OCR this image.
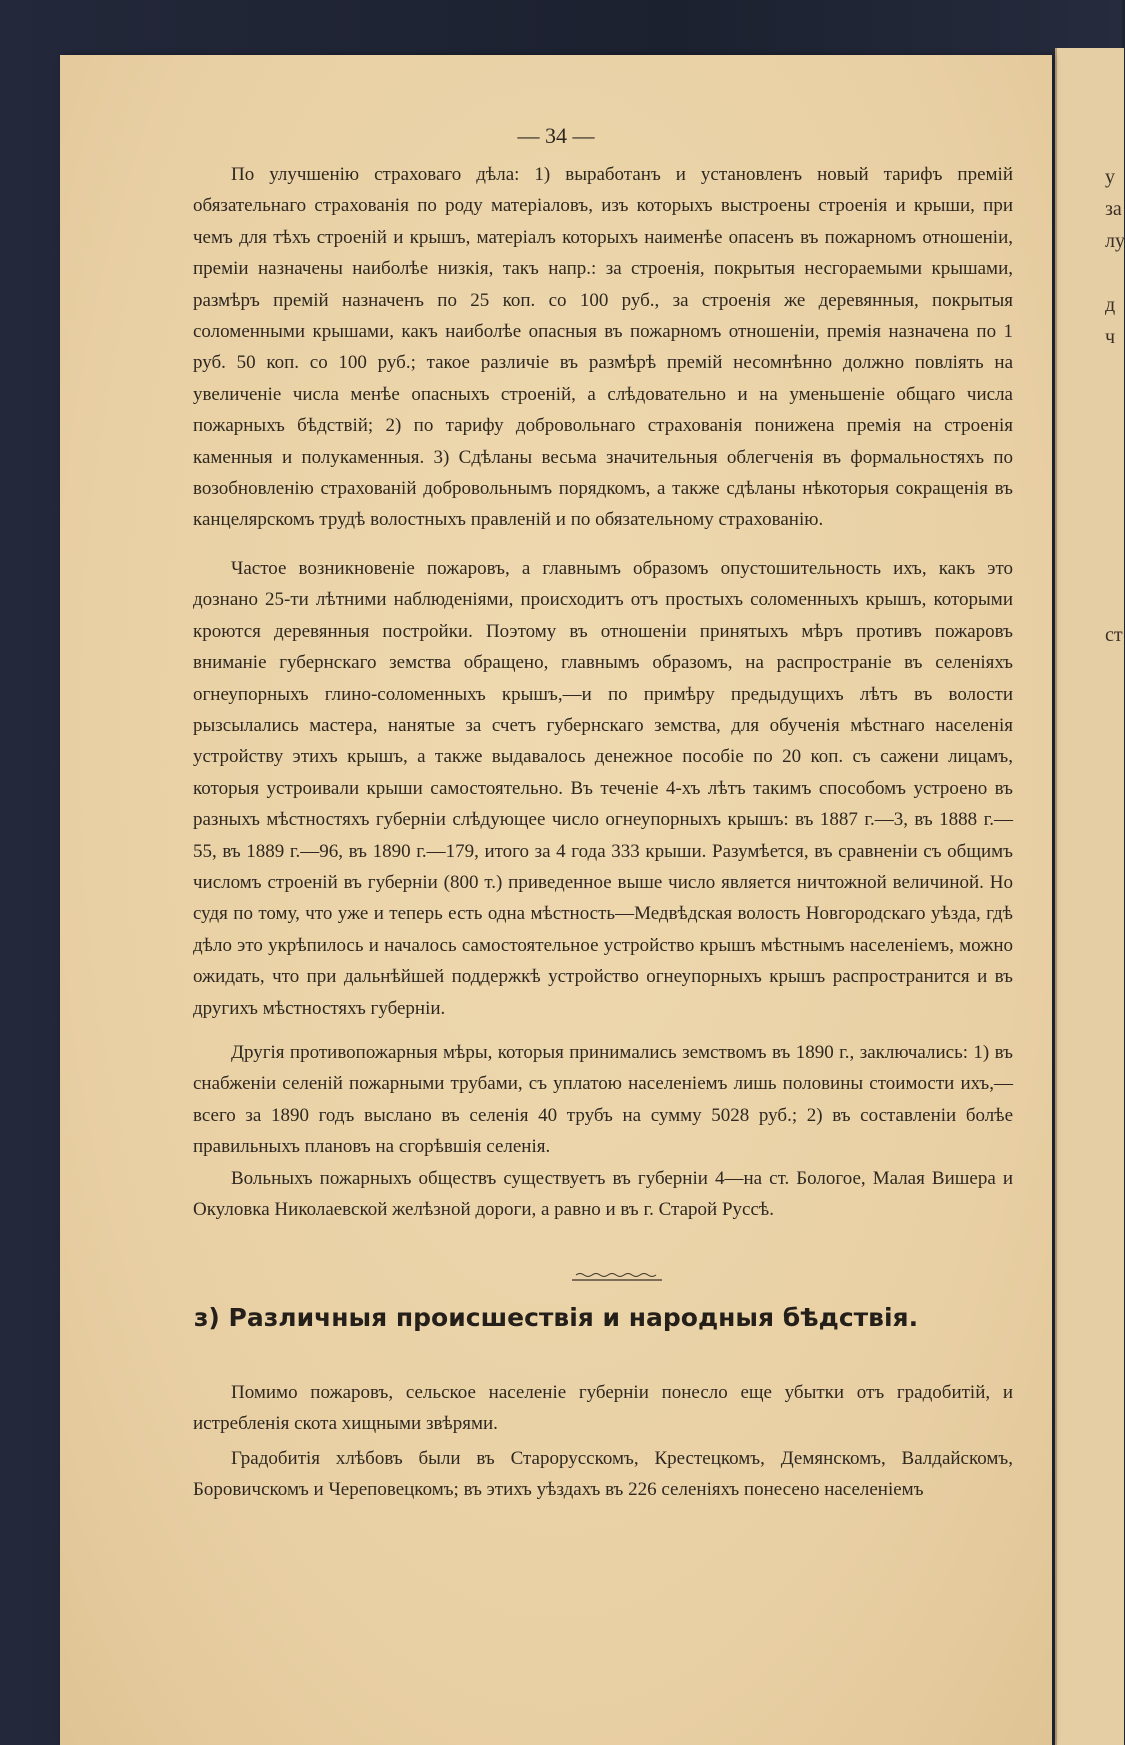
у
за
лу
д
ч
ст
— 34 —

По улучшенію страховаго дѣла: 1) выработанъ и установленъ новый тарифъ премій обязательнаго страхованія по роду матеріаловъ, изъ которыхъ выстроены строенія и крыши, при чемъ для тѣхъ строеній и крышъ, матеріалъ которыхъ наименѣе опасенъ въ пожарномъ отношеніи, преміи назначены наиболѣе низкія, такъ напр.: за строенія, покрытыя несгораемыми крышами, размѣръ премій назначенъ по 25 коп. со 100 руб., за строенія же деревянныя, покрытыя соломенными крышами, какъ наиболѣе опасныя въ пожарномъ отношеніи, премія назначена по 1 руб. 50 коп. со 100 руб.; такое различіе въ размѣрѣ премій несомнѣнно должно повліять на увеличеніе числа менѣе опасныхъ строеній, а слѣдовательно и на уменьшеніе общаго числа пожарныхъ бѣдствій; 2) по тарифу добровольнаго страхованія понижена премія на строенія каменныя и полукаменныя. 3) Сдѣланы весьма значительныя облегченія въ формальностяхъ по возобновленію страхованій добровольнымъ порядкомъ, а также сдѣланы нѣкоторыя сокращенія въ канцелярскомъ трудѣ волостныхъ правленій и по обязательному страхованію.

Частое возникновеніе пожаровъ, а главнымъ образомъ опустошительность ихъ, какъ это дознано 25-ти лѣтними наблюденіями, происходитъ отъ простыхъ соломенныхъ крышъ, которыми кроются деревянныя постройки. Поэтому въ отношеніи принятыхъ мѣръ противъ пожаровъ вниманіе губернскаго земства обращено, главнымъ образомъ, на распространіе въ селеніяхъ огнеупорныхъ глино-соломенныхъ крышъ,—и по примѣру предыдущихъ лѣтъ въ волости рызсылались мастера, нанятые за счетъ губернскаго земства, для обученія мѣстнаго населенія устройству этихъ крышъ, а также выдавалось денежное пособіе по 20 коп. съ сажени лицамъ, которыя устроивали крыши самостоятельно. Въ теченіе 4-хъ лѣтъ такимъ способомъ устроено въ разныхъ мѣстностяхъ губерніи слѣдующее число огнеупорныхъ крышъ: въ 1887 г.—3, въ 1888 г.—55, въ 1889 г.—96, въ 1890 г.—179, итого за 4 года 333 крыши. Разумѣется, въ сравненіи съ общимъ числомъ строеній въ губерніи (800 т.) приведенное выше число является ничтожной величиной. Но судя по тому, что уже и теперь есть одна мѣстность—Медвѣдская волость Новгородскаго уѣзда, гдѣ дѣло это укрѣпилось и началось самостоятельное устройство крышъ мѣстнымъ населеніемъ, можно ожидать, что при дальнѣйшей поддержкѣ устройство огнеупорныхъ крышъ распространится и въ другихъ мѣстностяхъ губерніи.

Другія противопожарныя мѣры, которыя принимались земствомъ въ 1890 г., заключались: 1) въ снабженіи селеній пожарными трубами, съ уплатою населеніемъ лишь половины стоимости ихъ,—всего за 1890 годъ выслано въ селенія 40 трубъ на сумму 5028 руб.; 2) въ составленіи болѣе правильныхъ плановъ на сгорѣвшія селенія.

Вольныхъ пожарныхъ обществъ существуетъ въ губерніи 4—на ст. Бологое, Малая Вишера и Окуловка Николаевской желѣзной дороги, а равно и въ г. Старой Руссѣ.

з) Различныя происшествія и народныя бѣдствія.

Помимо пожаровъ, сельское населеніе губерніи понесло еще убытки отъ градобитій, и истребленія скота хищными звѣрями.

Градобитія хлѣбовъ были въ Старорусскомъ, Крестецкомъ, Демянскомъ, Валдайскомъ, Боровичскомъ и Череповецкомъ; въ этихъ уѣздахъ въ 226 селеніяхъ понесено населеніемъ
